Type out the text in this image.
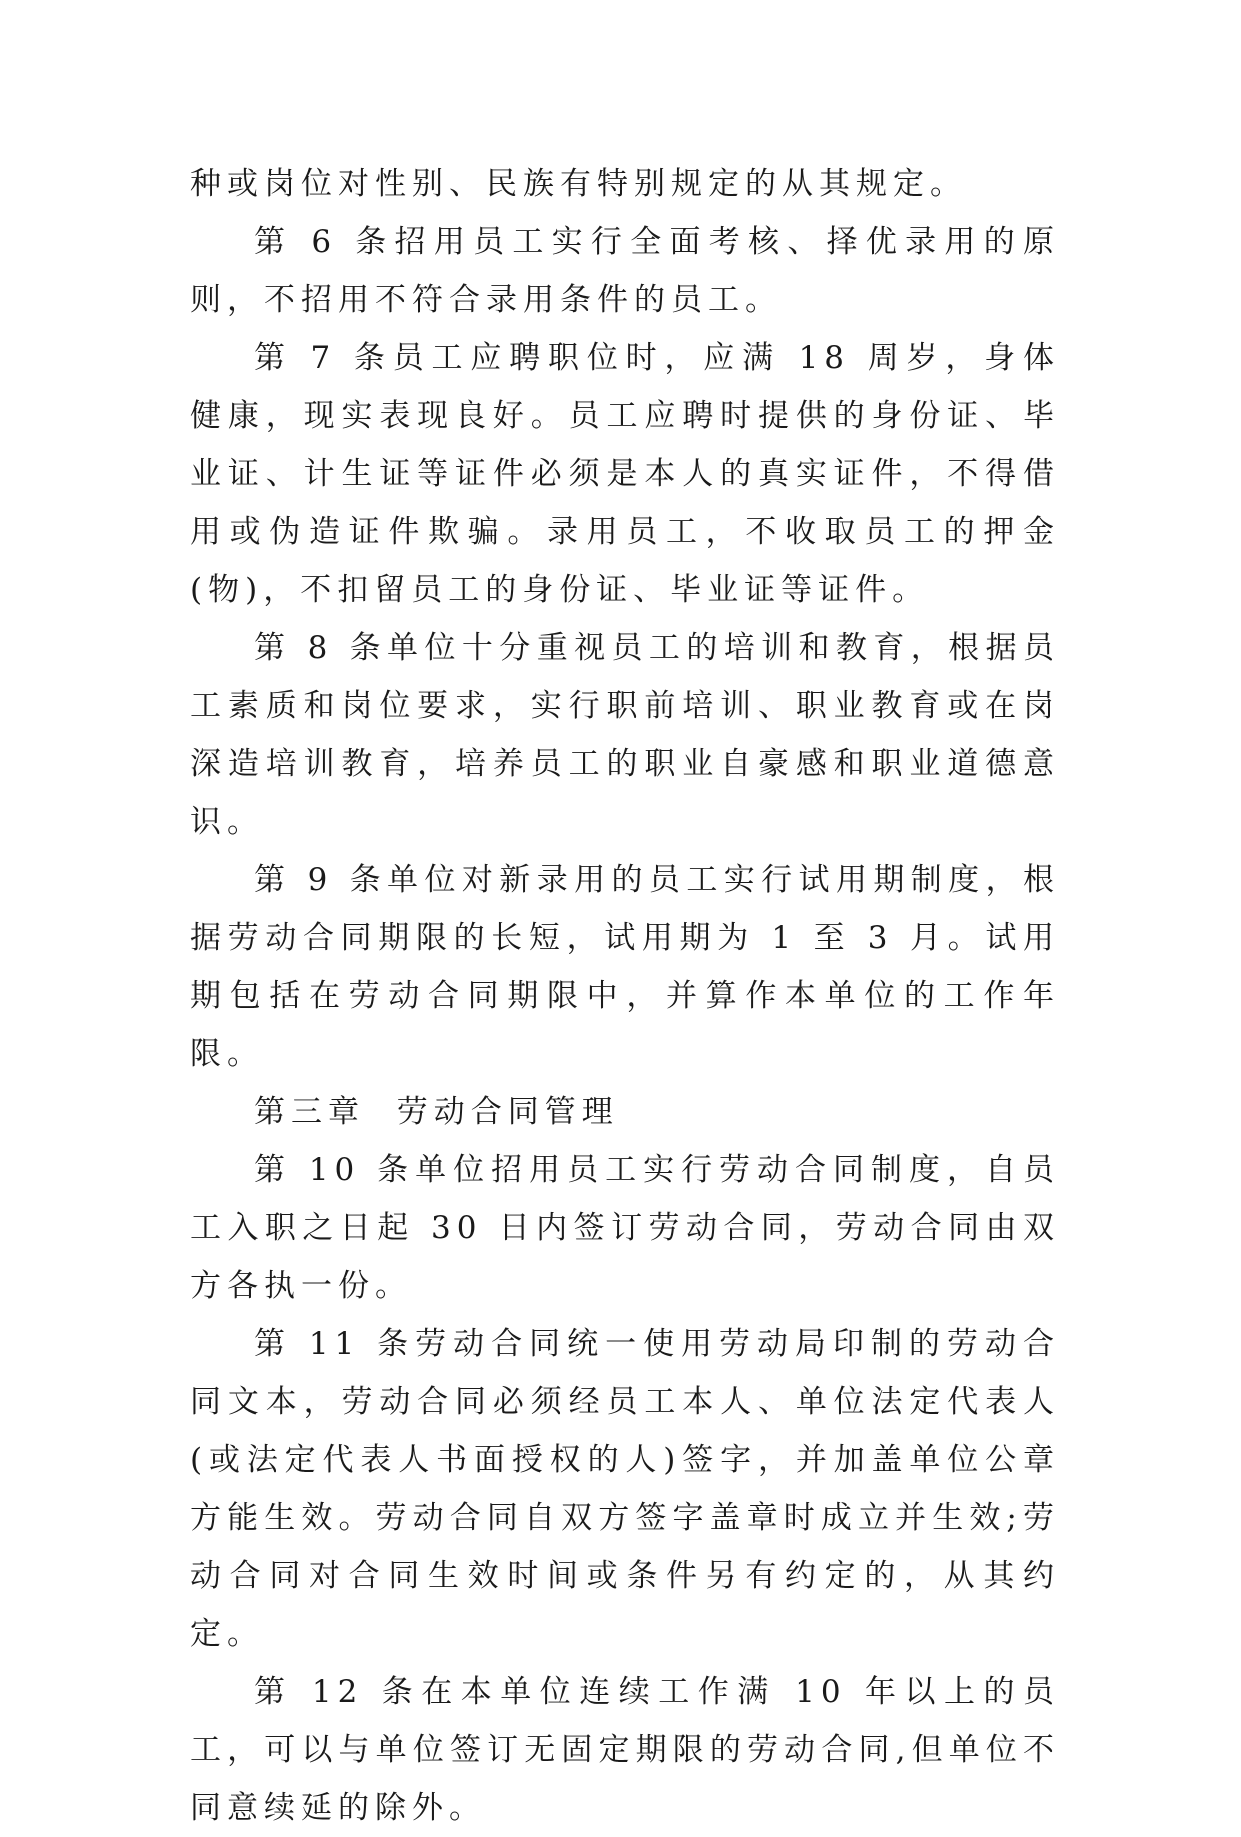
种或岗位对性别、民族有特别规定的从其规定。

第 6 条招用员工实行全面考核、择优录用的原则，不招用不符合录用条件的员工。

第 7 条员工应聘职位时，应满 18 周岁，身体健康，现实表现良好。员工应聘时提供的身份证、毕业证、计生证等证件必须是本人的真实证件，不得借用或伪造证件欺骗。录用员工，不收取员工的押金(物)，不扣留员工的身份证、毕业证等证件。

第 8 条单位十分重视员工的培训和教育，根据员工素质和岗位要求，实行职前培训、职业教育或在岗深造培训教育，培养员工的职业自豪感和职业道德意识。

第 9 条单位对新录用的员工实行试用期制度，根据劳动合同期限的长短，试用期为 1 至 3 月。试用期包括在劳动合同期限中，并算作本单位的工作年限。

第三章  劳动合同管理

第 10 条单位招用员工实行劳动合同制度，自员工入职之日起 30 日内签订劳动合同，劳动合同由双方各执一份。

第 11 条劳动合同统一使用劳动局印制的劳动合同文本，劳动合同必须经员工本人、单位法定代表人(或法定代表人书面授权的人)签字，并加盖单位公章方能生效。劳动合同自双方签字盖章时成立并生效;劳动合同对合同生效时间或条件另有约定的，从其约定。

第 12 条在本单位连续工作满 10 年以上的员工，可以与单位签订无固定期限的劳动合同,但单位不同意续延的除外。
